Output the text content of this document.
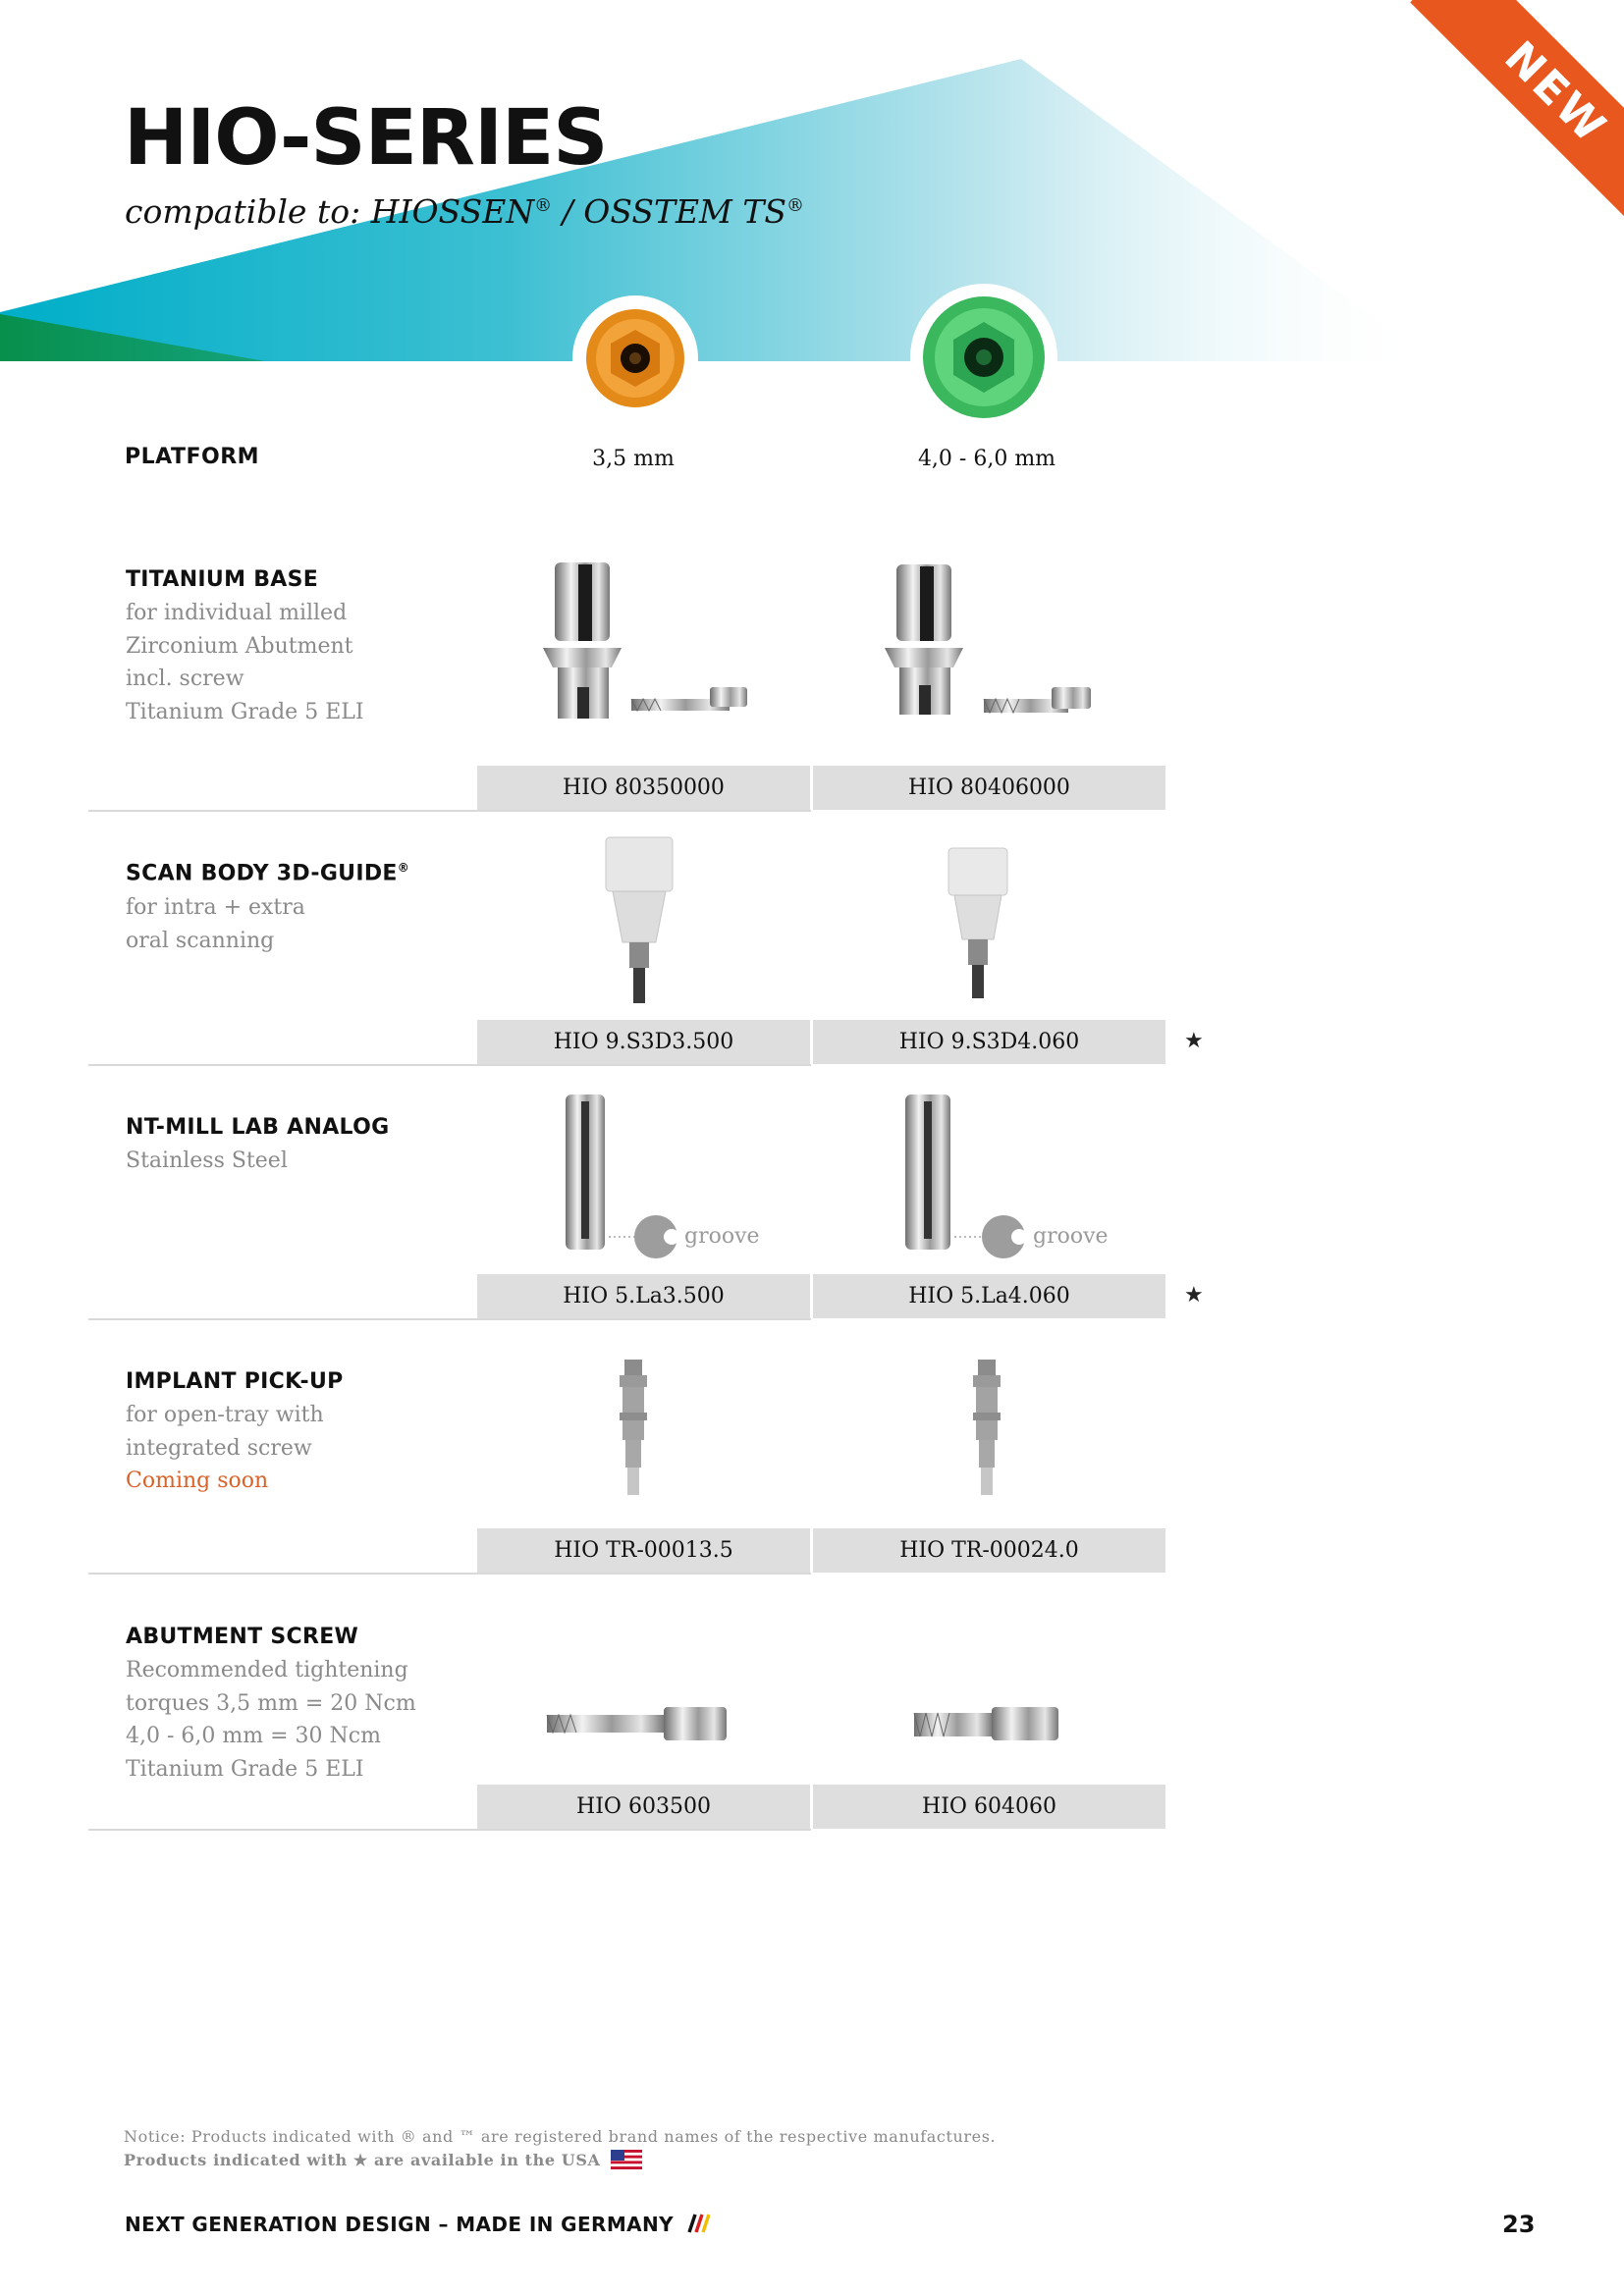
HIO-SERIES
compatible to: HIOSSEN® / OSSTEM TS®
NEW
PLATFORM	3,5 mm	4,0 - 6,0 mm
TITANIUM BASE
for individual milled
Zirconium Abutment
incl. screw
Titanium Grade 5 ELI
HIO 80350000	HIO 80406000
SCAN BODY 3D-GUIDE®
for intra + extra
oral scanning
HIO 9.S3D3.500	HIO 9.S3D4.060	★
NT-MILL LAB ANALOG
Stainless Steel
groove	groove
HIO 5.La3.500	HIO 5.La4.060	★
IMPLANT PICK-UP
for open-tray with
integrated screw
Coming soon
HIO TR-00013.5	HIO TR-00024.0
ABUTMENT SCREW
Recommended tightening
torques 3,5 mm = 20 Ncm
4,0 - 6,0 mm = 30 Ncm
Titanium Grade 5 ELI
HIO 603500	HIO 604060
Notice: Products indicated with ® and ™ are registered brand names of the respective manufactures.
Products indicated with ★ are available in the USA
NEXT GENERATION DESIGN – MADE IN GERMANY	23
